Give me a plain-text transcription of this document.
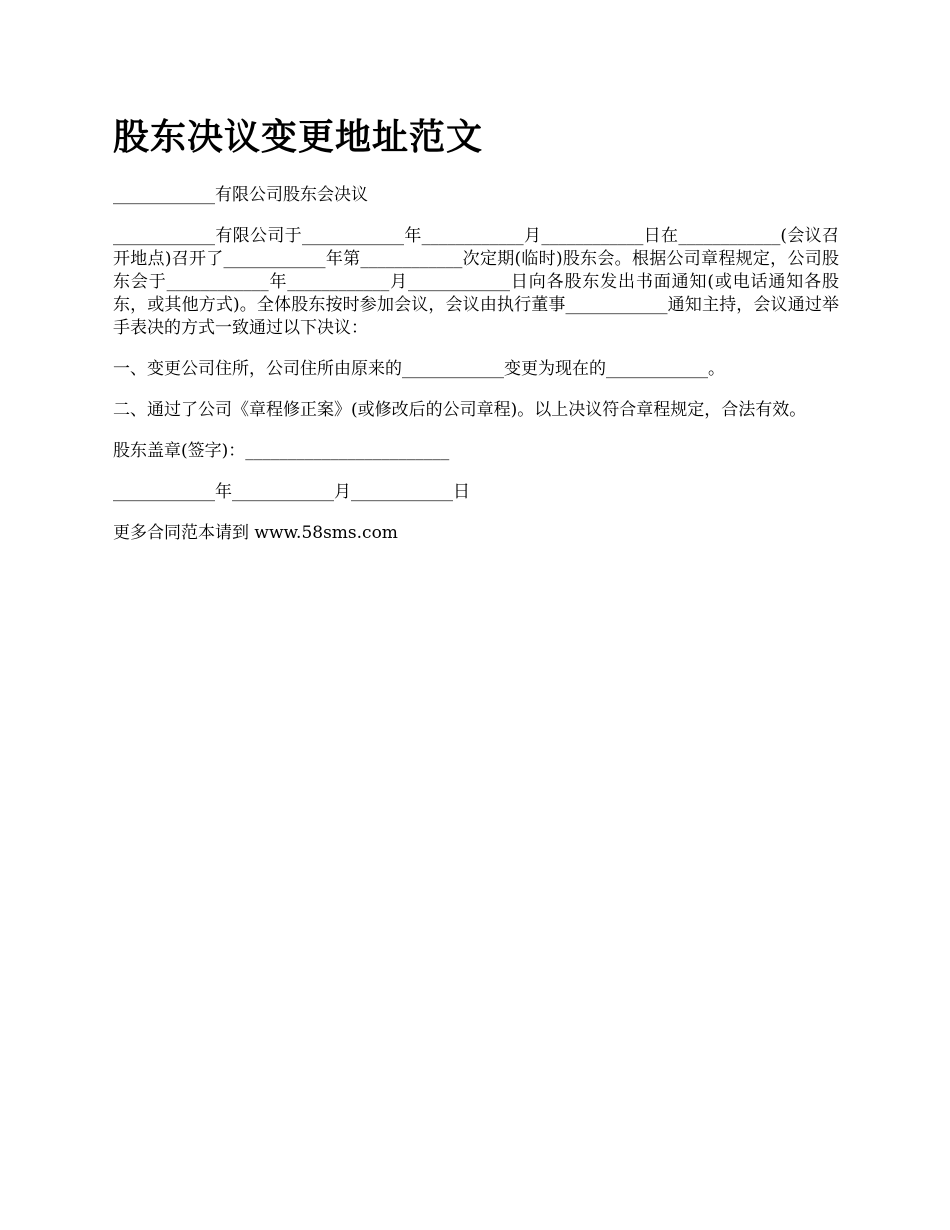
股东决议变更地址范文

____________有限公司股东会决议

____________有限公司于____________年____________月____________日在____________(会议召开地点)召开了____________年第____________次定期(临时)股东会。根据公司章程规定，公司股东会于____________年____________月____________日向各股东发出书面通知(或电话通知各股东，或其他方式)。全体股东按时参加会议，会议由执行董事____________通知主持，会议通过举手表决的方式一致通过以下决议：

一、变更公司住所，公司住所由原来的____________变更为现在的____________。

二、通过了公司《章程修正案》(或修改后的公司章程)。以上决议符合章程规定，合法有效。

股东盖章(签字)：________________________

____________年____________月____________日

更多合同范本请到 www.58sms.com
